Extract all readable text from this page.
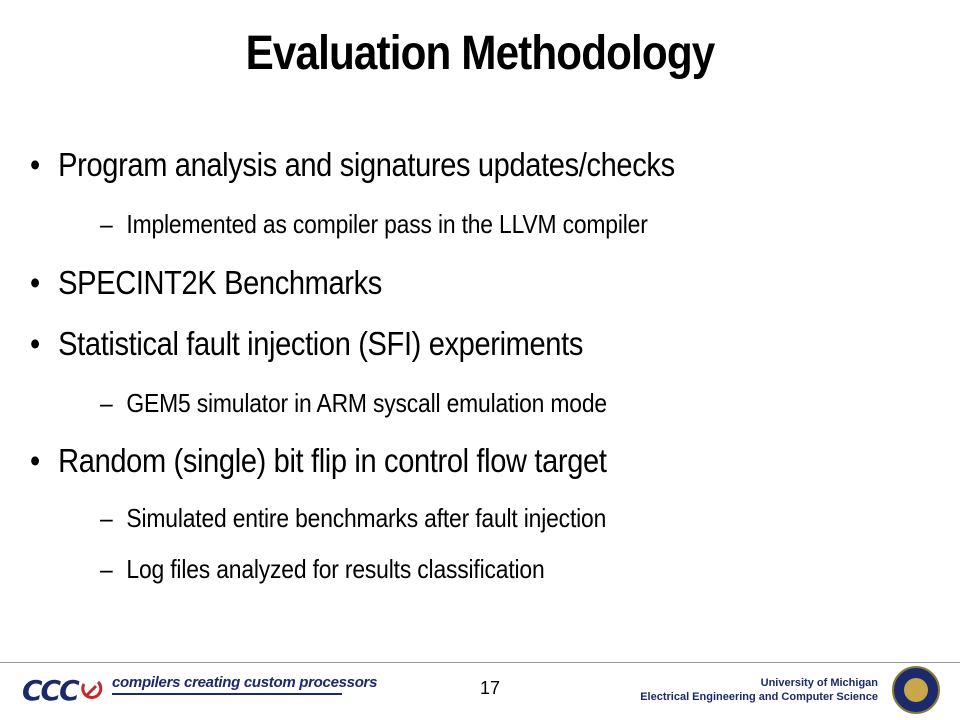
Evaluation Methodology
• Program analysis and signatures updates/checks
– Implemented as compiler pass in the LLVM compiler
• SPECINT2K Benchmarks
• Statistical fault injection (SFI) experiments
– GEM5 simulator in ARM syscall emulation mode
• Random (single) bit flip in control flow target
– Simulated entire benchmarks after fault injection
– Log files analyzed for results classification
CCC compilers creating custom processors	17	University of Michigan
Electrical Engineering and Computer Science
